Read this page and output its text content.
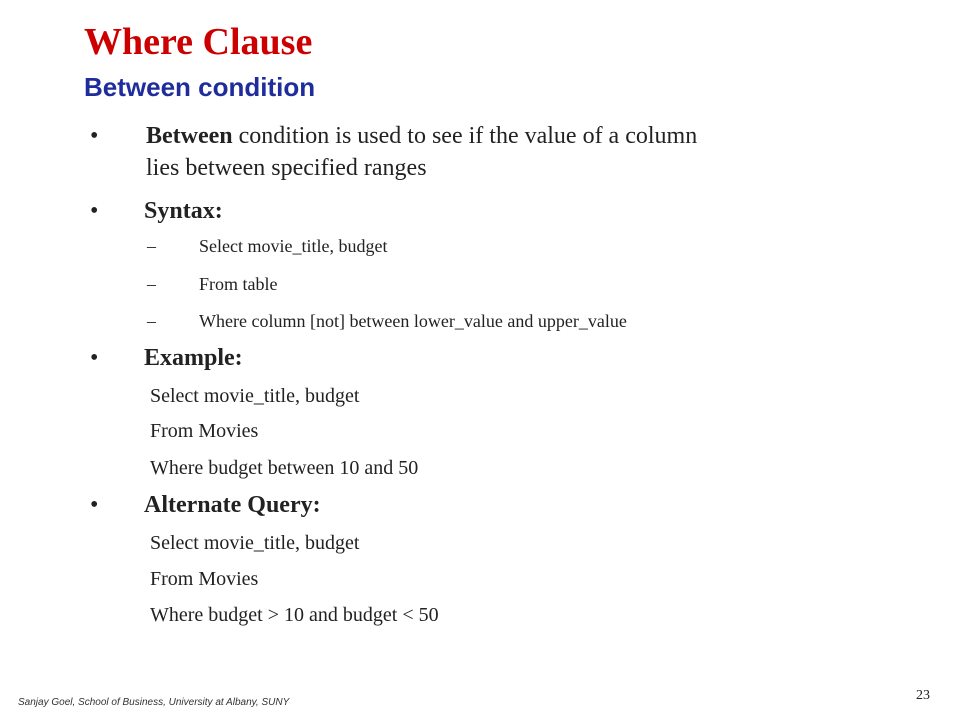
Where Clause
Between condition
• Between condition is used to see if the value of a column
lies between specified ranges
• Syntax:
– Select movie_title, budget
– From table
– Where column [not] between lower_value and upper_value
• Example:
Select movie_title, budget
From Movies
Where budget between 10 and 50
• Alternate Query:
Select movie_title, budget
From Movies
Where budget > 10 and budget < 50
Sanjay Goel, School of Business, University at Albany, SUNY	23
